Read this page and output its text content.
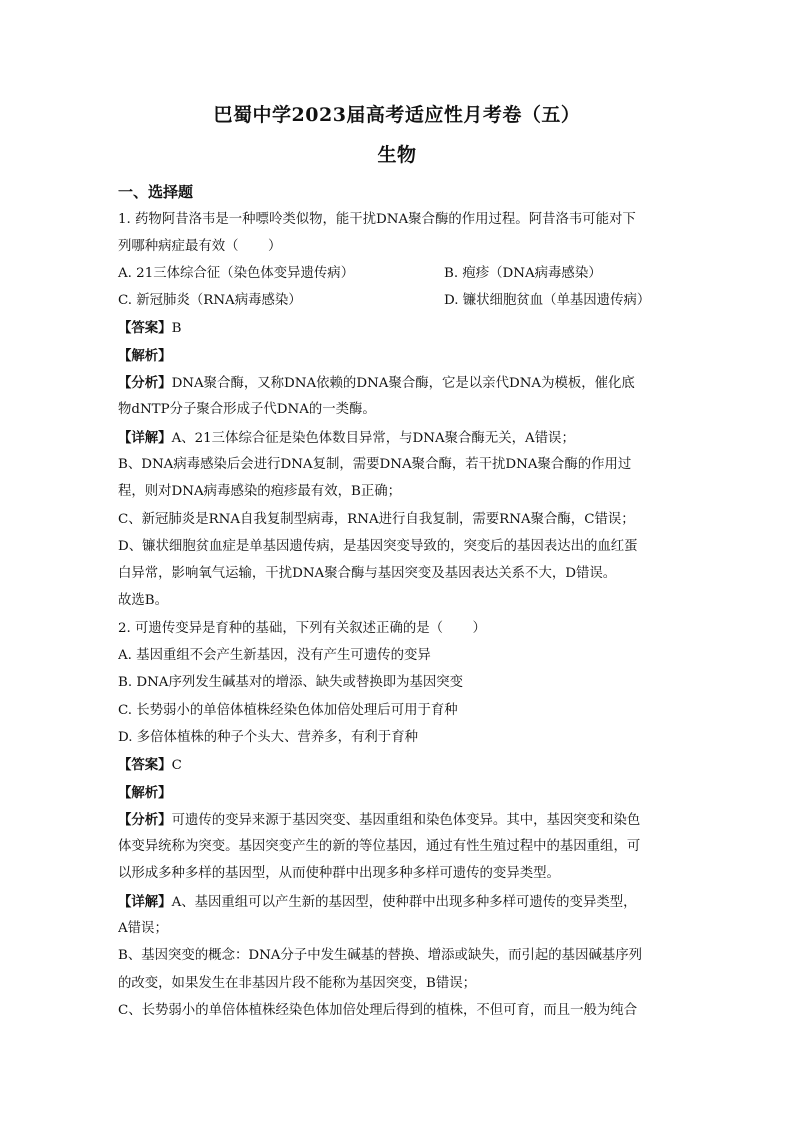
巴蜀中学2023届高考适应性月考卷（五）
生物
一、选择题
1. 药物阿昔洛韦是一种嘌呤类似物，能干扰DNA聚合酶的作用过程。阿昔洛韦可能对下
列哪种病症最有效（ ）
A. 21三体综合征（染色体变异遗传病）	B. 疱疹（DNA病毒感染）
C. 新冠肺炎（RNA病毒感染）	D. 镰状细胞贫血（单基因遗传病）
【答案】B
【解析】
【分析】DNA聚合酶，又称DNA依赖的DNA聚合酶，它是以亲代DNA为模板，催化底
物dNTP分子聚合形成子代DNA的一类酶。
【详解】A、21三体综合征是染色体数目异常，与DNA聚合酶无关，A错误；
B、DNA病毒感染后会进行DNA复制，需要DNA聚合酶，若干扰DNA聚合酶的作用过
程，则对DNA病毒感染的疱疹最有效，B正确；
C、新冠肺炎是RNA自我复制型病毒，RNA进行自我复制，需要RNA聚合酶，C错误；
D、镰状细胞贫血症是单基因遗传病，是基因突变导致的，突变后的基因表达出的血红蛋
白异常，影响氧气运输，干扰DNA聚合酶与基因突变及基因表达关系不大，D错误。
故选B。
2. 可遗传变异是育种的基础，下列有关叙述正确的是（ ）
A. 基因重组不会产生新基因，没有产生可遗传的变异
B. DNA序列发生碱基对的增添、缺失或替换即为基因突变
C. 长势弱小的单倍体植株经染色体加倍处理后可用于育种
D. 多倍体植株的种子个头大、营养多，有利于育种
【答案】C
【解析】
【分析】可遗传的变异来源于基因突变、基因重组和染色体变异。其中，基因突变和染色
体变异统称为突变。基因突变产生的新的等位基因，通过有性生殖过程中的基因重组，可
以形成多种多样的基因型，从而使种群中出现多种多样可遗传的变异类型。
【详解】A、基因重组可以产生新的基因型，使种群中出现多种多样可遗传的变异类型，
A错误；
B、基因突变的概念：DNA分子中发生碱基的替换、增添或缺失，而引起的基因碱基序列
的改变，如果发生在非基因片段不能称为基因突变，B错误；
C、长势弱小的单倍体植株经染色体加倍处理后得到的植株，不但可育，而且一般为纯合
